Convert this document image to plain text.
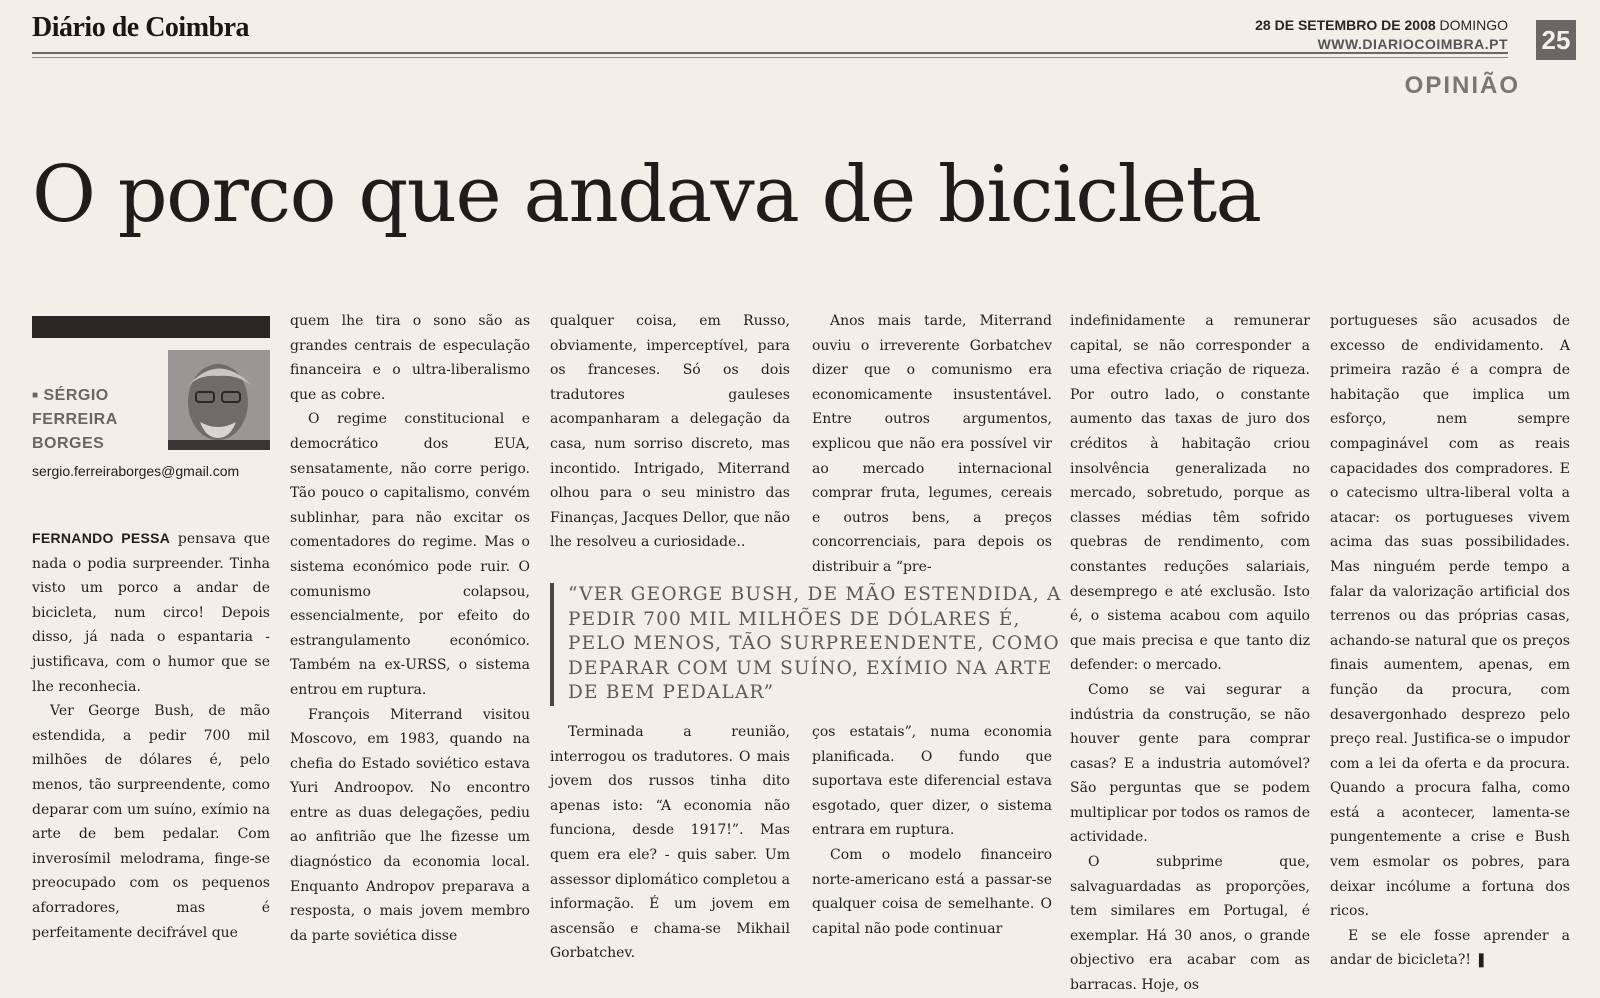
Diário de Coimbra	28 DE SETEMBRO DE 2008 DOMINGO
WWW.DIARIOCOIMBRA.PT 25
OPINIÃO
O porco que andava de bicicleta
■ SÉRGIO
FERREIRA
BORGES
sergio.ferreiraborges@gmail.com

FERNANDO PESSA pensava que nada o podia surpreender. Tinha visto um porco a andar de bicicleta, num circo! Depois disso, já nada o espantaria - justificava, com o humor que se lhe reconhecia.

Ver George Bush, de mão estendida, a pedir 700 mil milhões de dólares é, pelo menos, tão surpreendente, como deparar com um suíno, exímio na arte de bem pedalar. Com inverosímil melodrama, finge-se preocupado com os pequenos aforradores, mas é perfeitamente decifrável que

quem lhe tira o sono são as grandes centrais de especulação financeira e o ultra-liberalismo que as cobre.

O regime constitucional e democrático dos EUA, sensatamente, não corre perigo. Tão pouco o capitalismo, convém sublinhar, para não excitar os comentadores do regime. Mas o sistema económico pode ruir. O comunismo colapsou, essencialmente, por efeito do estrangulamento económico. Também na ex-URSS, o sistema entrou em ruptura.

François Miterrand visitou Moscovo, em 1983, quando na chefia do Estado soviético estava Yuri Androopov. No encontro entre as duas delegações, pediu ao anfitrião que lhe fizesse um diagnóstico da economia local. Enquanto Andropov preparava a resposta, o mais jovem membro da parte soviética disse

qualquer coisa, em Russo, obviamente, imperceptível, para os franceses. Só os dois tradutores gauleses acompanharam a delegação da casa, num sorriso discreto, mas incontido. Intrigado, Miterrand olhou para o seu ministro das Finanças, Jacques Dellor, que não lhe resolveu a curiosidade..

Anos mais tarde, Miterrand ouviu o irreverente Gorbatchev dizer que o comunismo era economicamente insustentável. Entre outros argumentos, explicou que não era possível vir ao mercado internacional comprar fruta, legumes, cereais e outros bens, a preços concorrenciais, para depois os distribuir a “pre-

“VER GEORGE BUSH, DE MÃO ESTENDIDA, A PEDIR 700 MIL MILHÕES DE DÓLARES É, PELO MENOS, TÃO SURPREENDENTE, COMO DEPARAR COM UM SUÍNO, EXÍMIO NA ARTE DE BEM PEDALAR”

Terminada a reunião, interrogou os tradutores. O mais jovem dos russos tinha dito apenas isto: “A economia não funciona, desde 1917!”. Mas quem era ele? - quis saber. Um assessor diplomático completou a informação. É um jovem em ascensão e chama-se Mikhail Gorbatchev.

ços estatais”, numa economia planificada. O fundo que suportava este diferencial estava esgotado, quer dizer, o sistema entrara em ruptura.

Com o modelo financeiro norte-americano está a passar-se qualquer coisa de semelhante. O capital não pode continuar

indefinidamente a remunerar capital, se não corresponder a uma efectiva criação de riqueza. Por outro lado, o constante aumento das taxas de juro dos créditos à habitação criou insolvência generalizada no mercado, sobretudo, porque as classes médias têm sofrido quebras de rendimento, com constantes reduções salariais, desemprego e até exclusão. Isto é, o sistema acabou com aquilo que mais precisa e que tanto diz defender: o mercado.

Como se vai segurar a indústria da construção, se não houver gente para comprar casas? E a industria automóvel? São perguntas que se podem multiplicar por todos os ramos de actividade.

O subprime que, salvaguardadas as proporções, tem similares em Portugal, é exemplar. Há 30 anos, o grande objectivo era acabar com as barracas. Hoje, os

portugueses são acusados de excesso de endividamento. A primeira razão é a compra de habitação que implica um esforço, nem sempre compaginável com as reais capacidades dos compradores. E o catecismo ultra-liberal volta a atacar: os portugueses vivem acima das suas possibilidades. Mas ninguém perde tempo a falar da valorização artificial dos terrenos ou das próprias casas, achando-se natural que os preços finais aumentem, apenas, em função da procura, com desavergonhado desprezo pelo preço real. Justifica-se o impudor com a lei da oferta e da procura. Quando a procura falha, como está a acontecer, lamenta-se pungentemente a crise e Bush vem esmolar os pobres, para deixar incólume a fortuna dos ricos.

E se ele fosse aprender a andar de bicicleta?! ❚
